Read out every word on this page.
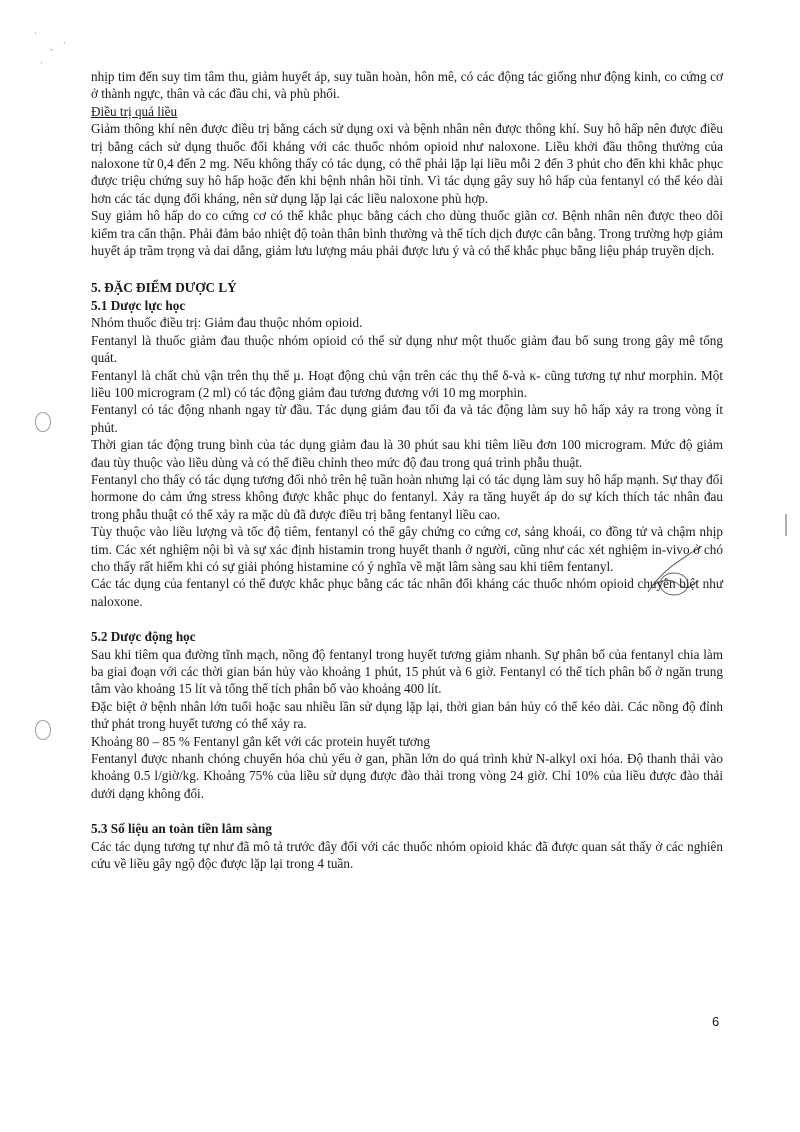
·
-
·
·

nhịp tim đến suy tim tâm thu, giảm huyết áp, suy tuần hoàn, hôn mê, có các động tác giống như động kinh, co cứng cơ ở thành ngực, thân và các đầu chi, và phù phổi.

Điều trị quá liều

Giảm thông khí nên được điều trị bằng cách sử dụng oxi và bệnh nhân nên được thông khí. Suy hô hấp nên được điều trị bằng cách sử dụng thuốc đối kháng với các thuốc nhóm opioid như naloxone. Liều khởi đầu thông thường của naloxone từ 0,4 đến 2 mg. Nếu không thấy có tác dụng, có thể phải lặp lại liều mỗi 2 đến 3 phút cho đến khi khắc phục được triệu chứng suy hô hấp hoặc đến khi bệnh nhân hồi tỉnh. Vì tác dụng gây suy hô hấp của fentanyl có thể kéo dài hơn các tác dụng đối kháng, nên sử dụng lặp lại các liều naloxone phù hợp.

Suy giảm hô hấp do co cứng cơ có thể khắc phục bằng cách cho dùng thuốc giãn cơ. Bệnh nhân nên được theo dõi kiểm tra cẩn thận. Phải đảm bảo nhiệt độ toàn thân bình thường và thể tích dịch được cân bằng. Trong trường hợp giảm huyết áp trầm trọng và dai dẳng, giảm lưu lượng máu phải được lưu ý và có thể khắc phục bằng liệu pháp truyền dịch.

5. ĐẶC ĐIỂM DƯỢC LÝ

5.1 Dược lực học

Nhóm thuốc điều trị: Giảm đau thuộc nhóm opioid.

Fentanyl là thuốc giảm đau thuộc nhóm opioid có thể sử dụng như một thuốc giảm đau bổ sung trong gây mê tổng quát.

Fentanyl là chất chủ vận trên thụ thể µ. Hoạt động chủ vận trên các thụ thể δ-và κ- cũng tương tự như morphin. Một liều 100 microgram (2 ml) có tác động giảm đau tương đương với 10 mg morphin.

Fentanyl có tác động nhanh ngay từ đầu. Tác dụng giảm đau tối đa và tác động làm suy hô hấp xảy ra trong vòng ít phút.

Thời gian tác động trung bình của tác dụng giảm đau là 30 phút sau khi tiêm liều đơn 100 microgram. Mức độ giảm đau tùy thuộc vào liều dùng và có thể điều chỉnh theo mức độ đau trong quá trình phẫu thuật.

Fentanyl cho thấy có tác dụng tương đối nhỏ trên hệ tuần hoàn nhưng lại có tác dụng làm suy hô hấp mạnh. Sự thay đổi hormone do cảm ứng stress không được khắc phục do fentanyl. Xảy ra tăng huyết áp do sự kích thích tác nhân đau trong phẫu thuật có thể xảy ra mặc dù đã được điều trị bằng fentanyl liều cao.

Tùy thuộc vào liều lượng và tốc độ tiêm, fentanyl có thể gây chứng co cứng cơ, sảng khoái, co đồng tử và chậm nhịp tim. Các xét nghiệm nội bì và sự xác định histamin trong huyết thanh ở người, cũng như các xét nghiệm in-vivo ở chó cho thấy rất hiếm khi có sự giải phóng histamine có ý nghĩa về mặt lâm sàng sau khi tiêm fentanyl.

Các tác dụng của fentanyl có thể được khắc phục bằng các tác nhân đối kháng các thuốc nhóm opioid chuyên biệt như naloxone.

5.2 Dược động học

Sau khi tiêm qua đường tĩnh mạch, nồng độ fentanyl trong huyết tương giảm nhanh. Sự phân bố của fentanyl chia làm ba giai đoạn với các thời gian bán hủy vào khoảng 1 phút, 15 phút và 6 giờ. Fentanyl có thể tích phân bố ở ngăn trung tâm vào khoảng 15 lít và tổng thể tích phân bố vào khoảng 400 lít.

Đặc biệt ở bệnh nhân lớn tuổi hoặc sau nhiều lần sử dụng lặp lại, thời gian bán hủy có thể kéo dài. Các nồng độ đỉnh thứ phát trong huyết tương có thể xảy ra.

Khoảng 80 – 85 % Fentanyl gắn kết với các protein huyết tương

Fentanyl được nhanh chóng chuyển hóa chủ yếu ở gan, phần lớn do quá trình khử N-alkyl oxi hóa. Độ thanh thải vào khoảng 0.5 l/giờ/kg. Khoảng 75% của liều sử dụng được đào thải trong vòng 24 giờ. Chỉ 10% của liều được đào thải dưới dạng không đổi.

5.3 Số liệu an toàn tiền lâm sàng

Các tác dụng tương tự như đã mô tả trước đây đối với các thuốc nhóm opioid khác đã được quan sát thấy ở các nghiên cứu về liều gây ngộ độc được lặp lại trong 4 tuần.

6
